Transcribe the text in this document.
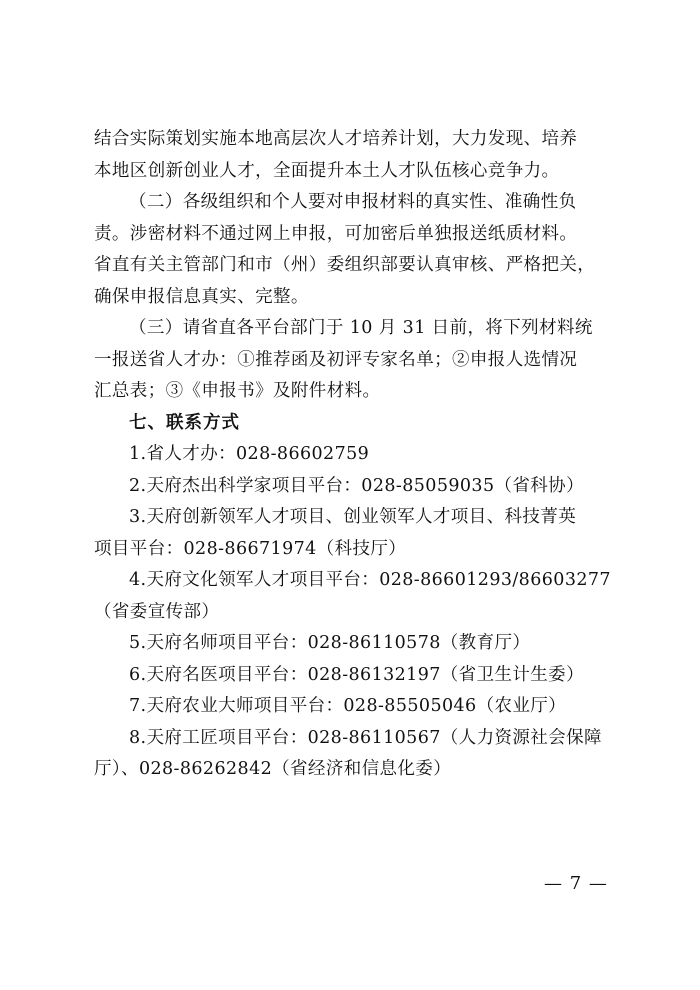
结合实际策划实施本地高层次人才培养计划，大力发现、培养
本地区创新创业人才，全面提升本土人才队伍核心竞争力。
（二）各级组织和个人要对申报材料的真实性、准确性负
责。涉密材料不通过网上申报，可加密后单独报送纸质材料。
省直有关主管部门和市（州）委组织部要认真审核、严格把关，
确保申报信息真实、完整。
（三）请省直各平台部门于 10 月 31 日前，将下列材料统
一报送省人才办：①推荐函及初评专家名单；②申报人选情况
汇总表；③《申报书》及附件材料。
七、联系方式
1.省人才办：028-86602759
2.天府杰出科学家项目平台：028-85059035（省科协）
3.天府创新领军人才项目、创业领军人才项目、科技菁英
项目平台：028-86671974（科技厅）
4.天府文化领军人才项目平台：028-86601293/86603277
（省委宣传部）
5.天府名师项目平台：028-86110578（教育厅）
6.天府名医项目平台：028-86132197（省卫生计生委）
7.天府农业大师项目平台：028-85505046（农业厅）
8.天府工匠项目平台：028-86110567（人力资源社会保障
厅）、028-86262842（省经济和信息化委）
— 7 —
